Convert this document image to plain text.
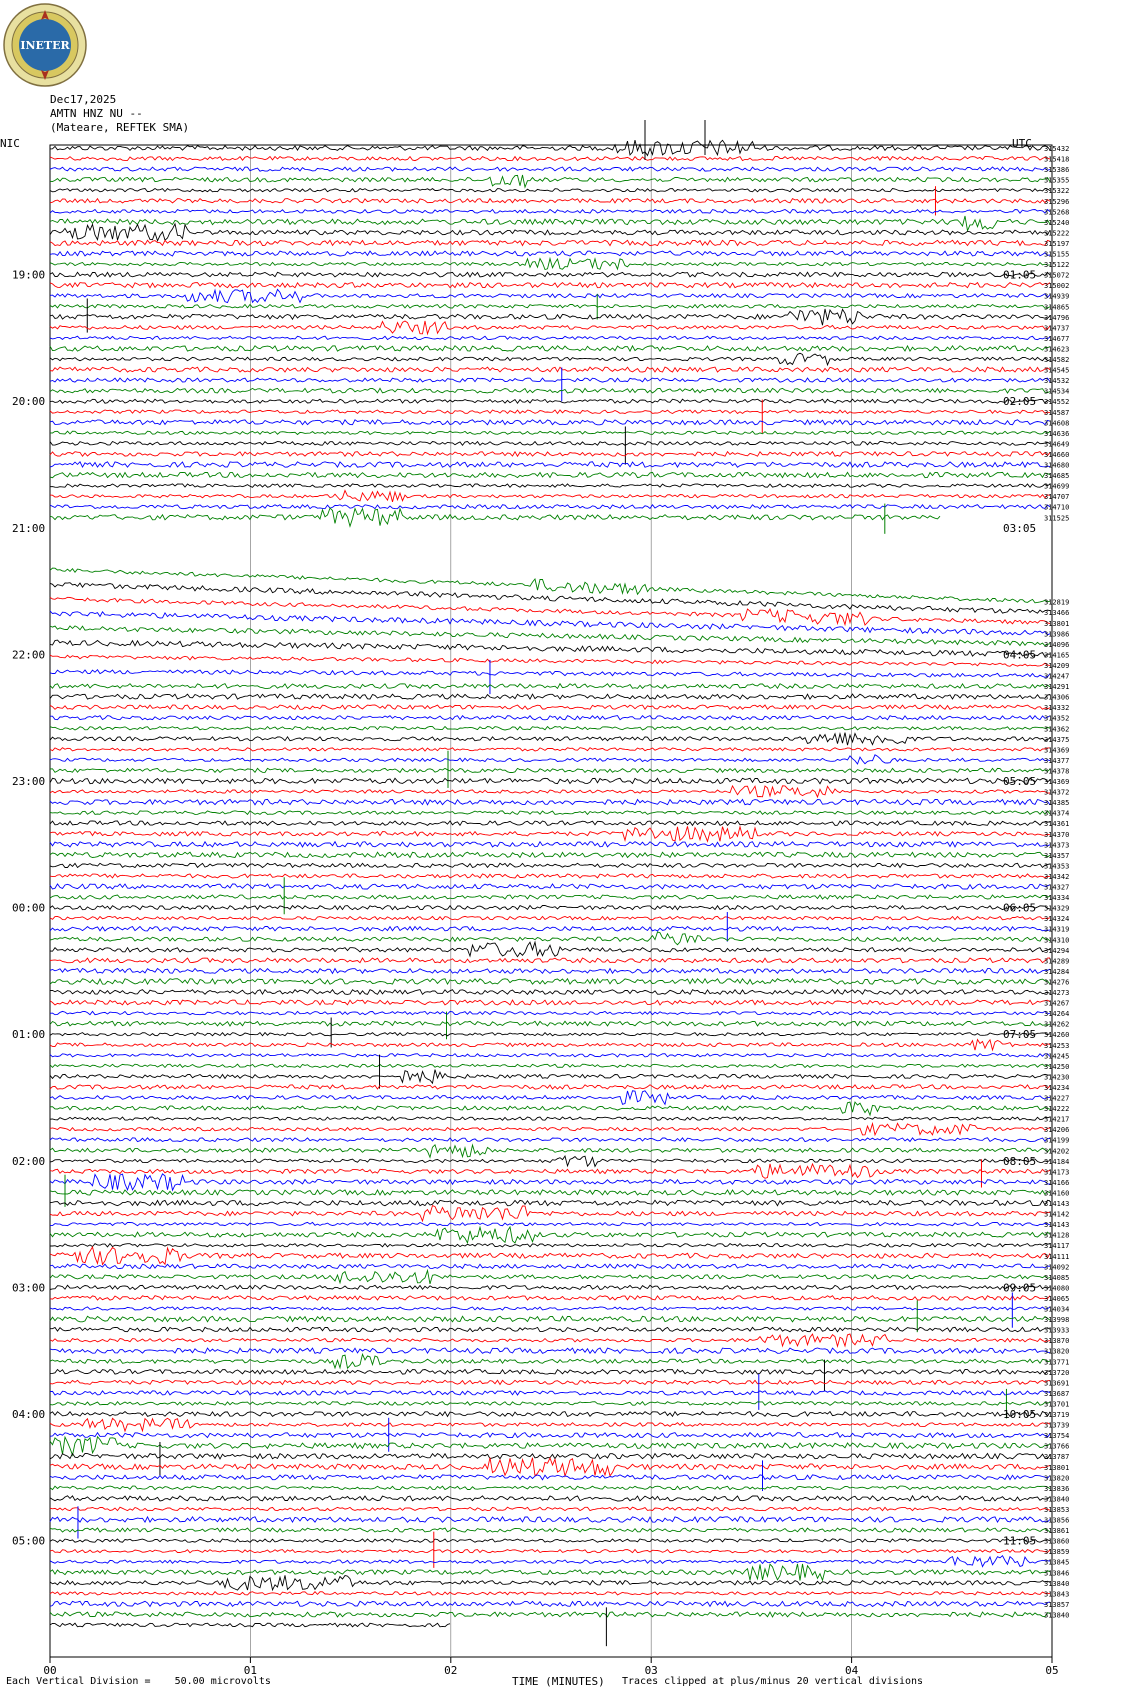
INETER
Dec17,2025
AMTN HNZ NU --
(Mateare, REFTEK SMA)
NIC	UTC
19:00
20:00
21:00
22:00
23:00
00:00
01:00
02:00
03:00
04:00
05:00
01:05
02:05
03:05
04:05
05:05
06:05
07:05
08:05
09:05
10:05
11:05
315432
315418
315386
315355
315322
315296
315268
315240
315222
315197
315155
315122
315072
315002
314939
314865
314796
314737
314677
314623
314582
314545
314532
314534
314552
314587
314608
314636
314649
314660
314680
314685
314699
314707
314710
311525
312819
313466
313801
313986
314096
314165
314209
314247
314291
314306
314332
314352
314362
314375
314369
314377
314378
314369
314372
314385
314374
314361
314370
314373
314357
314353
314342
314327
314334
314329
314324
314319
314310
314294
314289
314284
314276
314273
314267
314264
314262
314260
314253
314245
314250
314230
314234
314227
314222
314217
314206
314199
314202
314184
314173
314166
314160
314143
314142
314143
314128
314117
314111
314092
314085
314080
314065
314034
313998
313933
313870
313820
313771
313720
313691
313687
313701
313719
313739
313754
313766
313787
313801
313820
313836
313840
313853
313856
313861
313860
313859
313845
313846
313840
313843
313857
313840
00	01	02	03	04	05
Each Vertical Division =    50.00 microvolts	TIME (MINUTES) Traces clipped at plus/minus 20 vertical divisions
